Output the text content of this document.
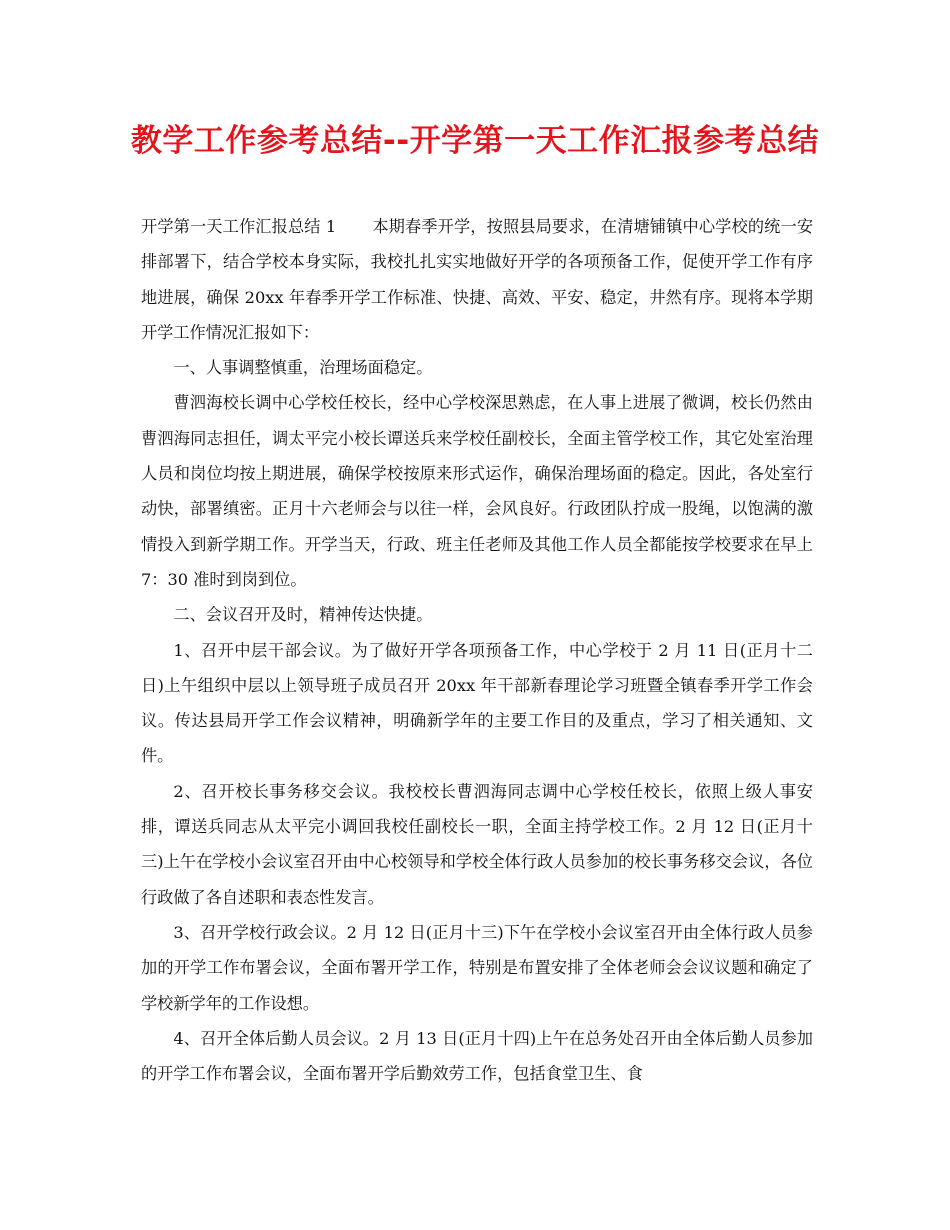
教学工作参考总结--开学第一天工作汇报参考总结

开学第一天工作汇报总结 1 本期春季开学，按照县局要求，在清塘铺镇中心学校的统一安排部署下，结合学校本身实际，我校扎扎实实地做好开学的各项预备工作，促使开学工作有序地进展，确保 20xx 年春季开学工作标准、快捷、高效、平安、稳定，井然有序。现将本学期开学工作情况汇报如下：

一、人事调整慎重，治理场面稳定。

曹泗海校长调中心学校任校长，经中心学校深思熟虑，在人事上进展了微调，校长仍然由曹泗海同志担任，调太平完小校长谭送兵来学校任副校长，全面主管学校工作，其它处室治理人员和岗位均按上期进展，确保学校按原来形式运作，确保治理场面的稳定。因此，各处室行动快，部署缜密。正月十六老师会与以往一样，会风良好。行政团队拧成一股绳，以饱满的激情投入到新学期工作。开学当天，行政、班主任老师及其他工作人员全都能按学校要求在早上 7：30 准时到岗到位。

二、会议召开及时，精神传达快捷。

1、召开中层干部会议。为了做好开学各项预备工作，中心学校于 2 月 11 日(正月十二日)上午组织中层以上领导班子成员召开 20xx 年干部新春理论学习班暨全镇春季开学工作会议。传达县局开学工作会议精神，明确新学年的主要工作目的及重点，学习了相关通知、文件。

2、召开校长事务移交会议。我校校长曹泗海同志调中心学校任校长，依照上级人事安排，谭送兵同志从太平完小调回我校任副校长一职，全面主持学校工作。2 月 12 日(正月十三)上午在学校小会议室召开由中心校领导和学校全体行政人员参加的校长事务移交会议，各位行政做了各自述职和表态性发言。

3、召开学校行政会议。2 月 12 日(正月十三)下午在学校小会议室召开由全体行政人员参加的开学工作布署会议，全面布署开学工作，特别是布置安排了全体老师会会议议题和确定了学校新学年的工作设想。

4、召开全体后勤人员会议。2 月 13 日(正月十四)上午在总务处召开由全体后勤人员参加的开学工作布署会议，全面布署开学后勤效劳工作，包括食堂卫生、食
